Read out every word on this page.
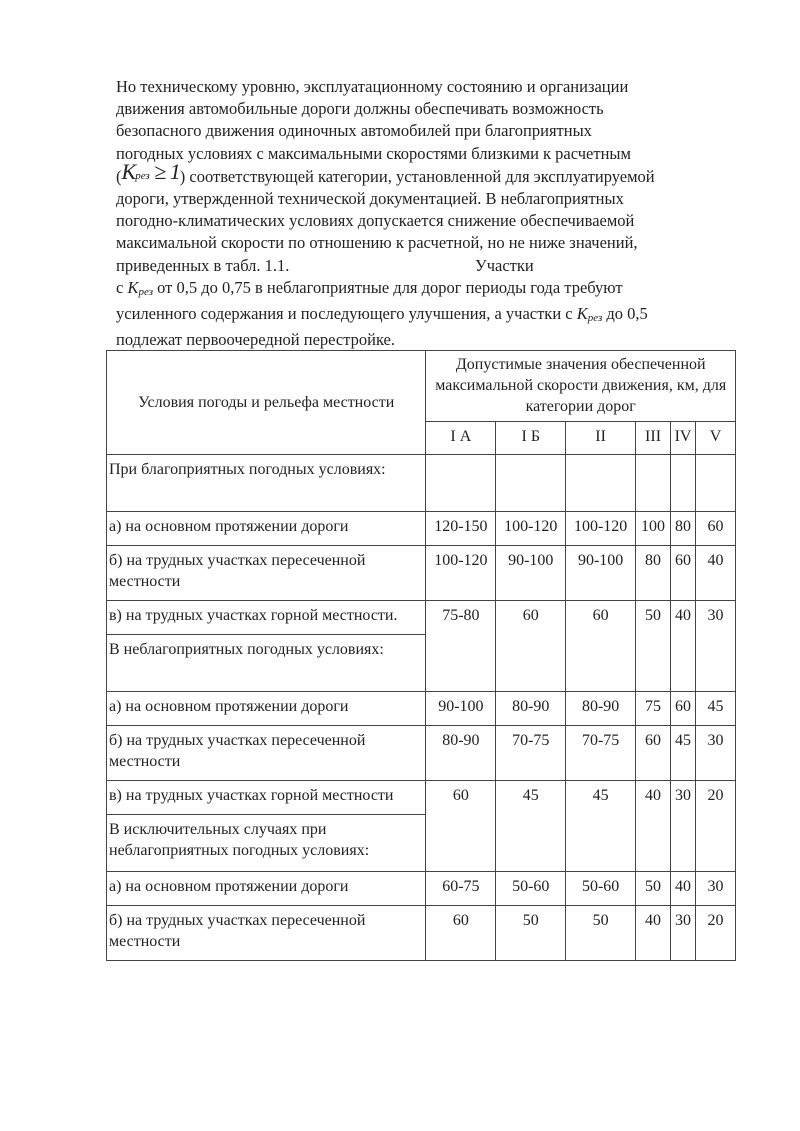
Но техническому уровню, эксплуатационному состоянию и организации
движения автомобильные дороги должны обеспечивать возможность
безопасного движения одиночных автомобилей при благоприятных
погодных условиях с максимальными скоростями близкими к расчетным
(Kрез ≥ 1) соответствующей категории, установленной для эксплуатируемой
дороги, утвержденной технической документацией. В неблагоприятных
погодно-климатических условиях допускается снижение обеспечиваемой
максимальной скорости по отношению к расчетной, но не ниже значений,
приведенных в табл. 1.1.                                             Участки
с Kрез от 0,5 до 0,75 в неблагоприятные для дорог периоды года требуют
усиленного содержания и последующего улучшения, а участки с Kрез до 0,5
подлежат первоочередной перестройке.

Условия погоды и рельефа местности	Допустимые значения обеспеченной максимальной скорости движения, км, для категории дорог					
	I А	I Б	II	III	IV	V
При благоприятных погодных условиях:						
а) на основном протяжении дороги	120-150	100-120	100-120	100	80	60
б) на трудных участках пересеченной местности	100-120	90-100	90-100	80	60	40
в) на трудных участках горной местности.	75-80	60	60	50	40	30
В неблагоприятных погодных условиях:						
а) на основном протяжении дороги	90-100	80-90	80-90	75	60	45
б) на трудных участках пересеченной местности	80-90	70-75	70-75	60	45	30
в) на трудных участках горной местности	60	45	45	40	30	20
В исключительных случаях при неблагоприятных погодных условиях:						
а) на основном протяжении дороги	60-75	50-60	50-60	50	40	30
б) на трудных участках пересеченной местности	60	50	50	40	30	20
